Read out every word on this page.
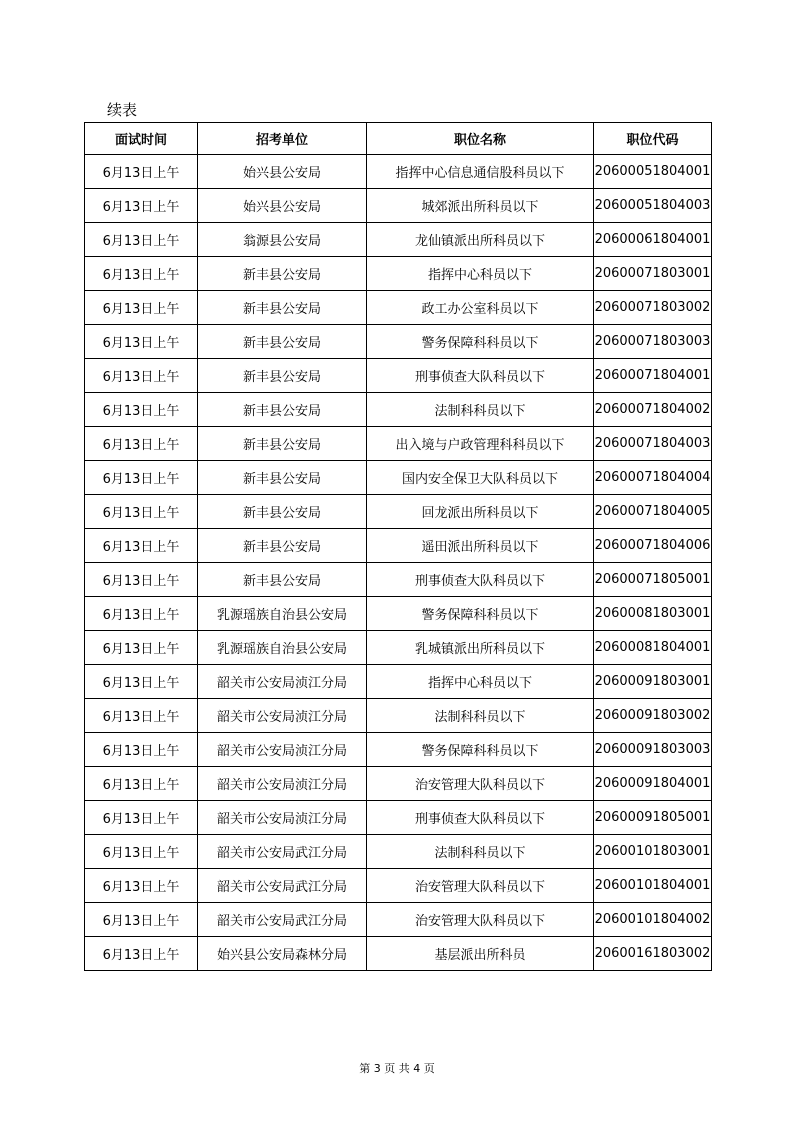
续表
面试时间	招考单位	职位名称	职位代码
6月13日上午	始兴县公安局	指挥中心信息通信股科员以下	20600051804001
6月13日上午	始兴县公安局	城郊派出所科员以下	20600051804003
6月13日上午	翁源县公安局	龙仙镇派出所科员以下	20600061804001
6月13日上午	新丰县公安局	指挥中心科员以下	20600071803001
6月13日上午	新丰县公安局	政工办公室科员以下	20600071803002
6月13日上午	新丰县公安局	警务保障科科员以下	20600071803003
6月13日上午	新丰县公安局	刑事侦查大队科员以下	20600071804001
6月13日上午	新丰县公安局	法制科科员以下	20600071804002
6月13日上午	新丰县公安局	出入境与户政管理科科员以下	20600071804003
6月13日上午	新丰县公安局	国内安全保卫大队科员以下	20600071804004
6月13日上午	新丰县公安局	回龙派出所科员以下	20600071804005
6月13日上午	新丰县公安局	遥田派出所科员以下	20600071804006
6月13日上午	新丰县公安局	刑事侦查大队科员以下	20600071805001
6月13日上午	乳源瑶族自治县公安局	警务保障科科员以下	20600081803001
6月13日上午	乳源瑶族自治县公安局	乳城镇派出所科员以下	20600081804001
6月13日上午	韶关市公安局浈江分局	指挥中心科员以下	20600091803001
6月13日上午	韶关市公安局浈江分局	法制科科员以下	20600091803002
6月13日上午	韶关市公安局浈江分局	警务保障科科员以下	20600091803003
6月13日上午	韶关市公安局浈江分局	治安管理大队科员以下	20600091804001
6月13日上午	韶关市公安局浈江分局	刑事侦查大队科员以下	20600091805001
6月13日上午	韶关市公安局武江分局	法制科科员以下	20600101803001
6月13日上午	韶关市公安局武江分局	治安管理大队科员以下	20600101804001
6月13日上午	韶关市公安局武江分局	治安管理大队科员以下	20600101804002
6月13日上午	始兴县公安局森林分局	基层派出所科员	20600161803002
第 3 页 共 4 页
